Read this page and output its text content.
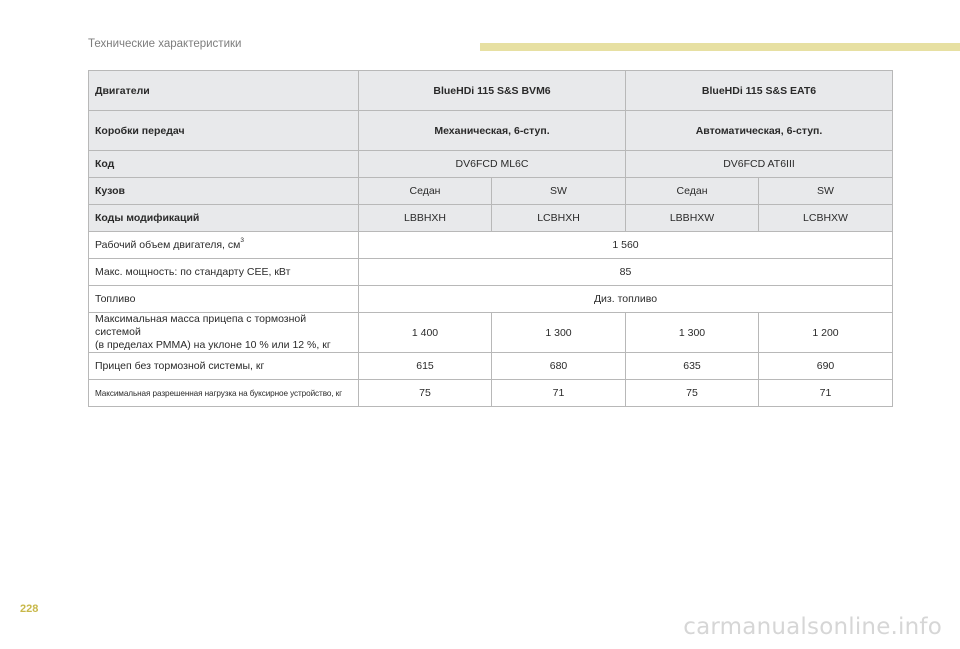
Технические характеристики
Двигатели	BlueHDi 115 S&S BVM6		BlueHDi 115 S&S EAT6	
Коробки передач	Механическая, 6-ступ.		Автоматическая, 6-ступ.	
Код	DV6FCD ML6C		DV6FCD AT6III	
Кузов	Седан	SW	Седан	SW
Коды модификаций	LBBHXH	LCBHXH	LBBHXW	LCBHXW
Рабочий объем двигателя, $см^3$	1 560			
Макс. мощность: по стандарту СЕЕ, кВт	85			
Топливо	Диз. топливо			
Максимальная масса прицепа с тормозной системой
(в пределах РММА) на уклоне 10 % или 12 %, кг	1 400	1 300	1 300	1 200
Прицеп без тормозной системы, кг	615	680	635	690
Максимальная разрешенная нагрузка на буксирное устройство, кг	75	71	75	71
228
carmanualsonline.info
